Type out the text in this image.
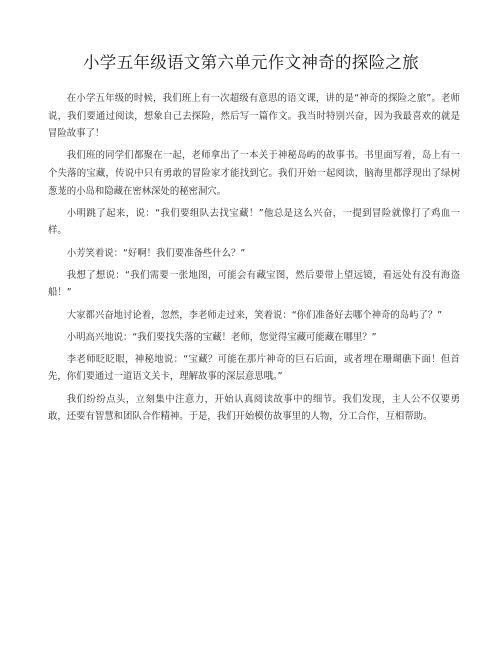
小学五年级语文第六单元作文神奇的探险之旅

在小学五年级的时候，我们班上有一次超级有意思的语文课，讲的是“神奇的探险之旅”。老师说，我们要通过阅读，想象自己去探险，然后写一篇作文。我当时特别兴奋，因为我最喜欢的就是冒险故事了！

我们班的同学们都聚在一起，老师拿出了一本关于神秘岛屿的故事书。书里面写着，岛上有一个失落的宝藏，传说中只有勇敢的冒险家才能找到它。我们开始一起阅读，脑海里都浮现出了绿树葱茏的小岛和隐藏在密林深处的秘密洞穴。

小明跳了起来，说：“我们要组队去找宝藏！”他总是这么兴奋，一提到冒险就像打了鸡血一样。

小芳笑着说：“好啊！我们要准备些什么？”

我想了想说：“我们需要一张地图，可能会有藏宝图，然后要带上望远镜，看远处有没有海盗船！”

大家都兴奋地讨论着，忽然，李老师走过来，笑着说：“你们准备好去哪个神奇的岛屿了？”

小明高兴地说：“我们要找失落的宝藏！老师，您觉得宝藏可能藏在哪里？”

李老师眨眨眼，神秘地说：“宝藏？可能在那片神奇的巨石后面，或者埋在珊瑚礁下面！但首先，你们要通过一道语文关卡，理解故事的深层意思哦。”

我们纷纷点头，立刻集中注意力，开始认真阅读故事中的细节。我们发现，主人公不仅要勇敢，还要有智慧和团队合作精神。于是，我们开始模仿故事里的人物，分工合作，互相帮助。
